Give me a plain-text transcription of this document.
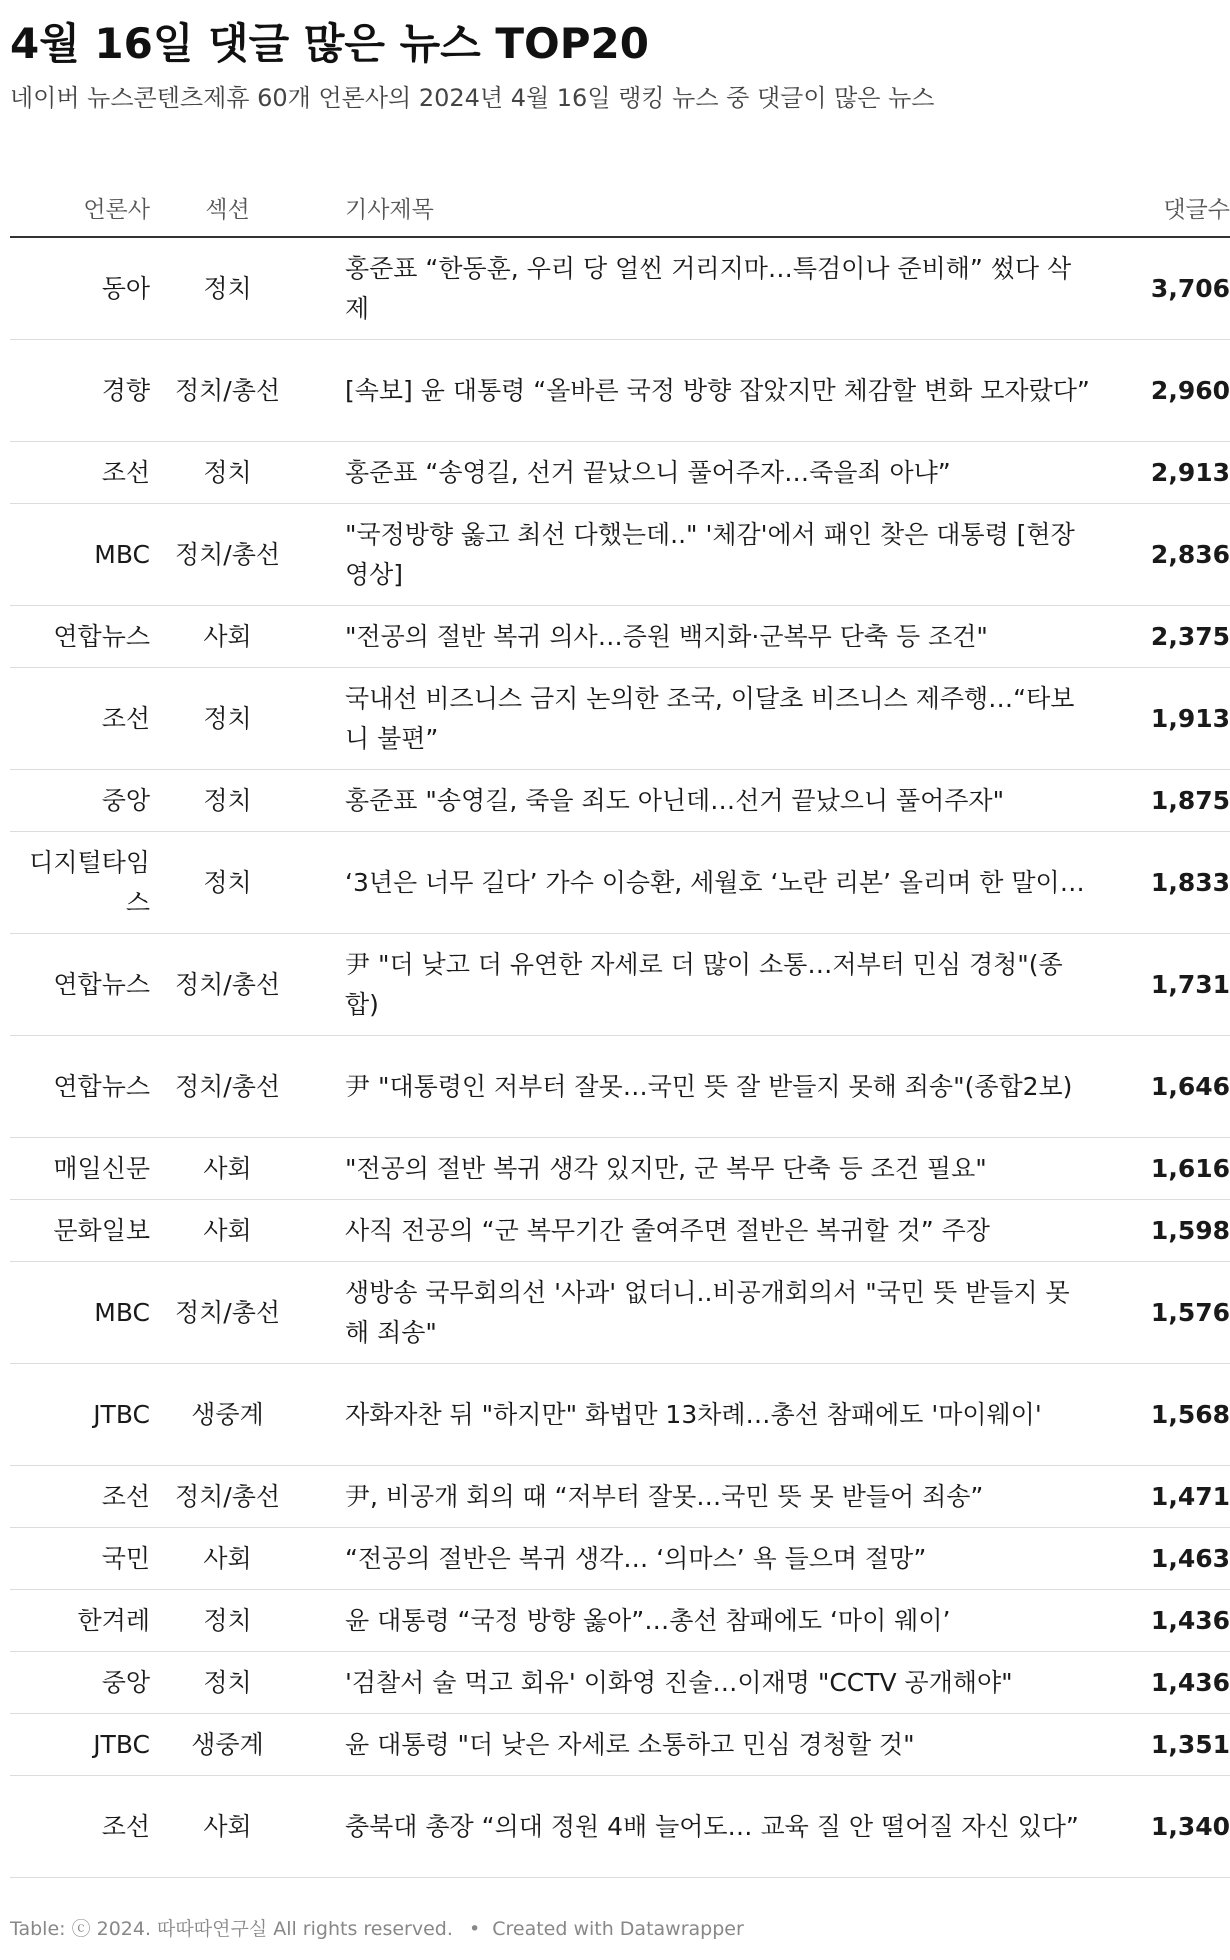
4월 16일 댓글 많은 뉴스 TOP20
네이버 뉴스콘텐츠제휴 60개 언론사의 2024년 4월 16일 랭킹 뉴스 중 댓글이 많은 뉴스
언론사	섹션	기사제목	댓글수
동아	정치	홍준표 “한동훈, 우리 당 얼씬 거리지마…특검이나 준비해” 썼다 삭제	3,706
경향	정치/총선	[속보] 윤 대통령 “올바른 국정 방향 잡았지만 체감할 변화 모자랐다”	2,960
조선	정치	홍준표 “송영길, 선거 끝났으니 풀어주자…죽을죄 아냐”	2,913
MBC	정치/총선	"국정방향 옳고 최선 다했는데.." '체감'에서 패인 찾은 대통령 [현장영상]	2,836
연합뉴스	사회	"전공의 절반 복귀 의사…증원 백지화·군복무 단축 등 조건"	2,375
조선	정치	국내선 비즈니스 금지 논의한 조국, 이달초 비즈니스 제주행…“타보니 불편”	1,913
중앙	정치	홍준표 "송영길, 죽을 죄도 아닌데…선거 끝났으니 풀어주자"	1,875
디지털타임스	정치	‘3년은 너무 길다’ 가수 이승환, 세월호 ‘노란 리본’ 올리며 한 말이…	1,833
연합뉴스	정치/총선	尹 "더 낮고 더 유연한 자세로 더 많이 소통…저부터 민심 경청"(종합)	1,731
연합뉴스	정치/총선	尹 "대통령인 저부터 잘못…국민 뜻 잘 받들지 못해 죄송"(종합2보)	1,646
매일신문	사회	"전공의 절반 복귀 생각 있지만, 군 복무 단축 등 조건 필요"	1,616
문화일보	사회	사직 전공의 “군 복무기간 줄여주면 절반은 복귀할 것” 주장	1,598
MBC	정치/총선	생방송 국무회의선 '사과' 없더니..비공개회의서 "국민 뜻 받들지 못해 죄송"	1,576
JTBC	생중계	자화자찬 뒤 "하지만" 화법만 13차례…총선 참패에도 '마이웨이'	1,568
조선	정치/총선	尹, 비공개 회의 때 “저부터 잘못…국민 뜻 못 받들어 죄송”	1,471
국민	사회	“전공의 절반은 복귀 생각… ‘의마스’ 욕 들으며 절망”	1,463
한겨레	정치	윤 대통령 “국정 방향 옳아”…총선 참패에도 ‘마이 웨이’	1,436
중앙	정치	'검찰서 술 먹고 회유' 이화영 진술…이재명 "CCTV 공개해야"	1,436
JTBC	생중계	윤 대통령 "더 낮은 자세로 소통하고 민심 경청할 것"	1,351
조선	사회	충북대 총장 “의대 정원 4배 늘어도… 교육 질 안 떨어질 자신 있다”	1,340
Table: ⓒ 2024. 따따따연구실 All rights reserved. • Created with Datawrapper
